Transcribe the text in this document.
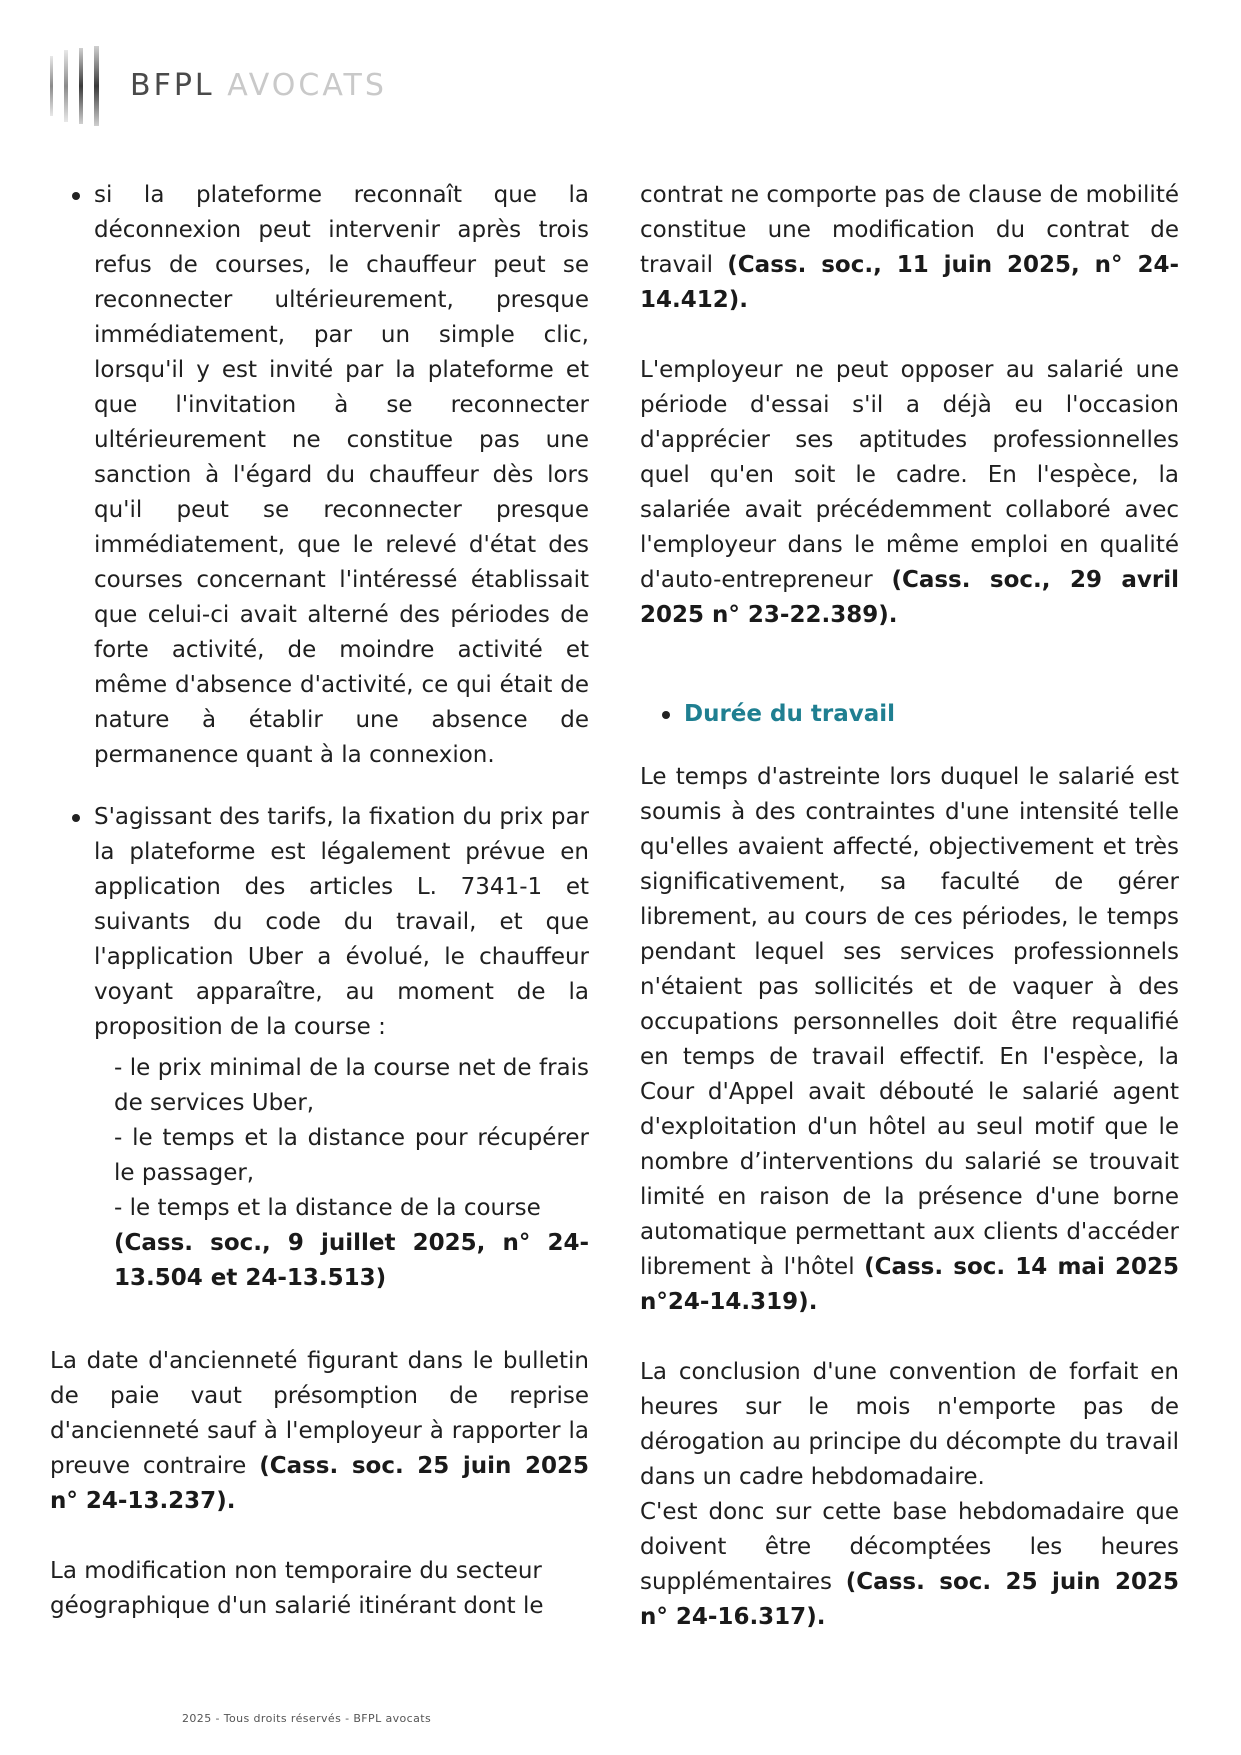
BFPL AVOCATS

si la plateforme reconnaît que la déconnexion peut intervenir après trois refus de courses, le chauffeur peut se reconnecter ultérieurement, presque immédiatement, par un simple clic, lorsqu'il y est invité par la plateforme et que l'invitation à se reconnecter ultérieurement ne constitue pas une sanction à l'égard du chauffeur dès lors qu'il peut se reconnecter presque immédiatement, que le relevé d'état des courses concernant l'intéressé établissait que celui-ci avait alterné des périodes de forte activité, de moindre activité et même d'absence d'activité, ce qui était de nature à établir une absence de permanence quant à la connexion.

S'agissant des tarifs, la fixation du prix par la plateforme est légalement prévue en application des articles L. 7341-1 et suivants du code du travail, et que l'application Uber a évolué, le chauffeur voyant apparaître, au moment de la proposition de la course :

- le prix minimal de la course net de frais de services Uber,

- le temps et la distance pour récupérer le passager,

- le temps et la distance de la course

(Cass. soc., 9 juillet 2025, n° 24-13.504 et 24-13.513)

La date d'ancienneté figurant dans le bulletin de paie vaut présomption de reprise d'ancienneté sauf à l'employeur à rapporter la preuve contraire (Cass. soc. 25 juin 2025 n° 24-13.237).

La modification non temporaire du secteur géographique d'un salarié itinérant dont le

contrat ne comporte pas de clause de mobilité constitue une modification du contrat de travail (Cass. soc., 11 juin 2025, n° 24-14.412).

L'employeur ne peut opposer au salarié une période d'essai s'il a déjà eu l'occasion d'apprécier ses aptitudes professionnelles quel qu'en soit le cadre. En l'espèce, la salariée avait précédemment collaboré avec l'employeur dans le même emploi en qualité d'auto-entrepreneur (Cass. soc., 29 avril 2025 n° 23-22.389).

Durée du travail

Le temps d'astreinte lors duquel le salarié est soumis à des contraintes d'une intensité telle qu'elles avaient affecté, objectivement et très significativement, sa faculté de gérer librement, au cours de ces périodes, le temps pendant lequel ses services professionnels n'étaient pas sollicités et de vaquer à des occupations personnelles doit être requalifié en temps de travail effectif. En l'espèce, la Cour d'Appel avait débouté le salarié agent d'exploitation d'un hôtel au seul motif que le nombre d’interventions du salarié se trouvait limité en raison de la présence d'une borne automatique permettant aux clients d'accéder librement à l'hôtel (Cass. soc. 14 mai 2025 n°24-14.319).

La conclusion d'une convention de forfait en heures sur le mois n'emporte pas de dérogation au principe du décompte du travail dans un cadre hebdomadaire.

C'est donc sur cette base hebdomadaire que doivent être décomptées les heures supplémentaires (Cass. soc. 25 juin 2025 n° 24-16.317).

2025 - Tous droits réservés - BFPL avocats
